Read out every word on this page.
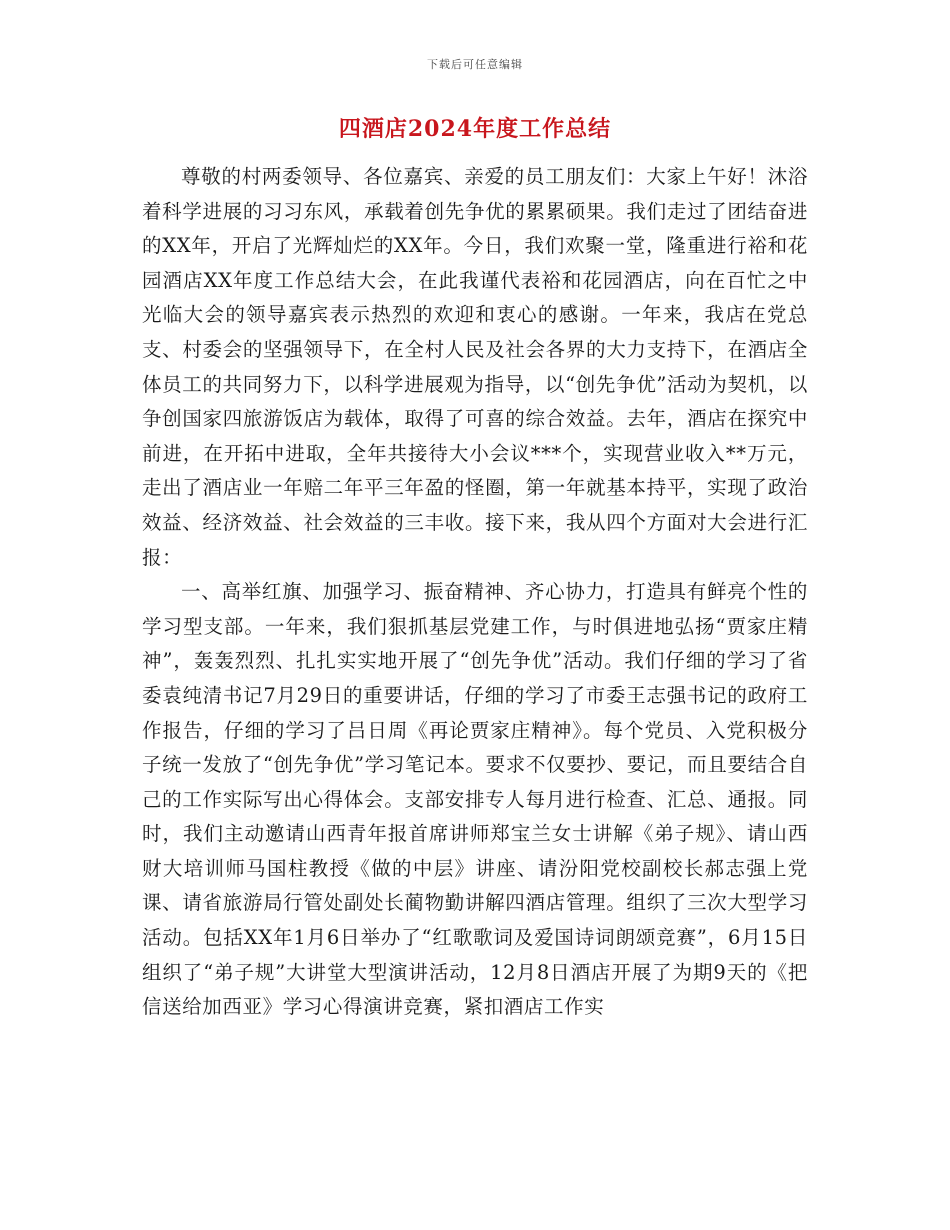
下载后可任意编辑
四酒店2024年度工作总结

尊敬的村两委领导、各位嘉宾、亲爱的员工朋友们：大家上午好！沐浴着科学进展的习习东风，承载着创先争优的累累硕果。我们走过了团结奋进的XX年，开启了光辉灿烂的XX年。今日，我们欢聚一堂，隆重进行裕和花园酒店XX年度工作总结大会，在此我谨代表裕和花园酒店，向在百忙之中光临大会的领导嘉宾表示热烈的欢迎和衷心的感谢。一年来，我店在党总支、村委会的坚强领导下，在全村人民及社会各界的大力支持下，在酒店全体员工的共同努力下，以科学进展观为指导，以“创先争优”活动为契机，以争创国家四旅游饭店为载体，取得了可喜的综合效益。去年，酒店在探究中前进，在开拓中进取，全年共接待大小会议***个，实现营业收入**万元，走出了酒店业一年赔二年平三年盈的怪圈，第一年就基本持平，实现了政治效益、经济效益、社会效益的三丰收。接下来，我从四个方面对大会进行汇报：

一、高举红旗、加强学习、振奋精神、齐心协力，打造具有鲜亮个性的学习型支部。一年来，我们狠抓基层党建工作，与时俱进地弘扬“贾家庄精神”，轰轰烈烈、扎扎实实地开展了“创先争优”活动。我们仔细的学习了省委袁纯清书记7月29日的重要讲话，仔细的学习了市委王志强书记的政府工作报告，仔细的学习了吕日周《再论贾家庄精神》。每个党员、入党积极分子统一发放了“创先争优”学习笔记本。要求不仅要抄、要记，而且要结合自己的工作实际写出心得体会。支部安排专人每月进行检查、汇总、通报。同时，我们主动邀请山西青年报首席讲师郑宝兰女士讲解《弟子规》、请山西财大培训师马国柱教授《做的中层》讲座、请汾阳党校副校长郝志强上党课、请省旅游局行管处副处长蔺物勤讲解四酒店管理。组织了三次大型学习活动。包括XX年1月6日举办了“红歌歌词及爱国诗词朗颂竞赛”，6月15日组织了“弟子规”大讲堂大型演讲活动，12月8日酒店开展了为期9天的《把信送给加西亚》学习心得演讲竞赛，紧扣酒店工作实
